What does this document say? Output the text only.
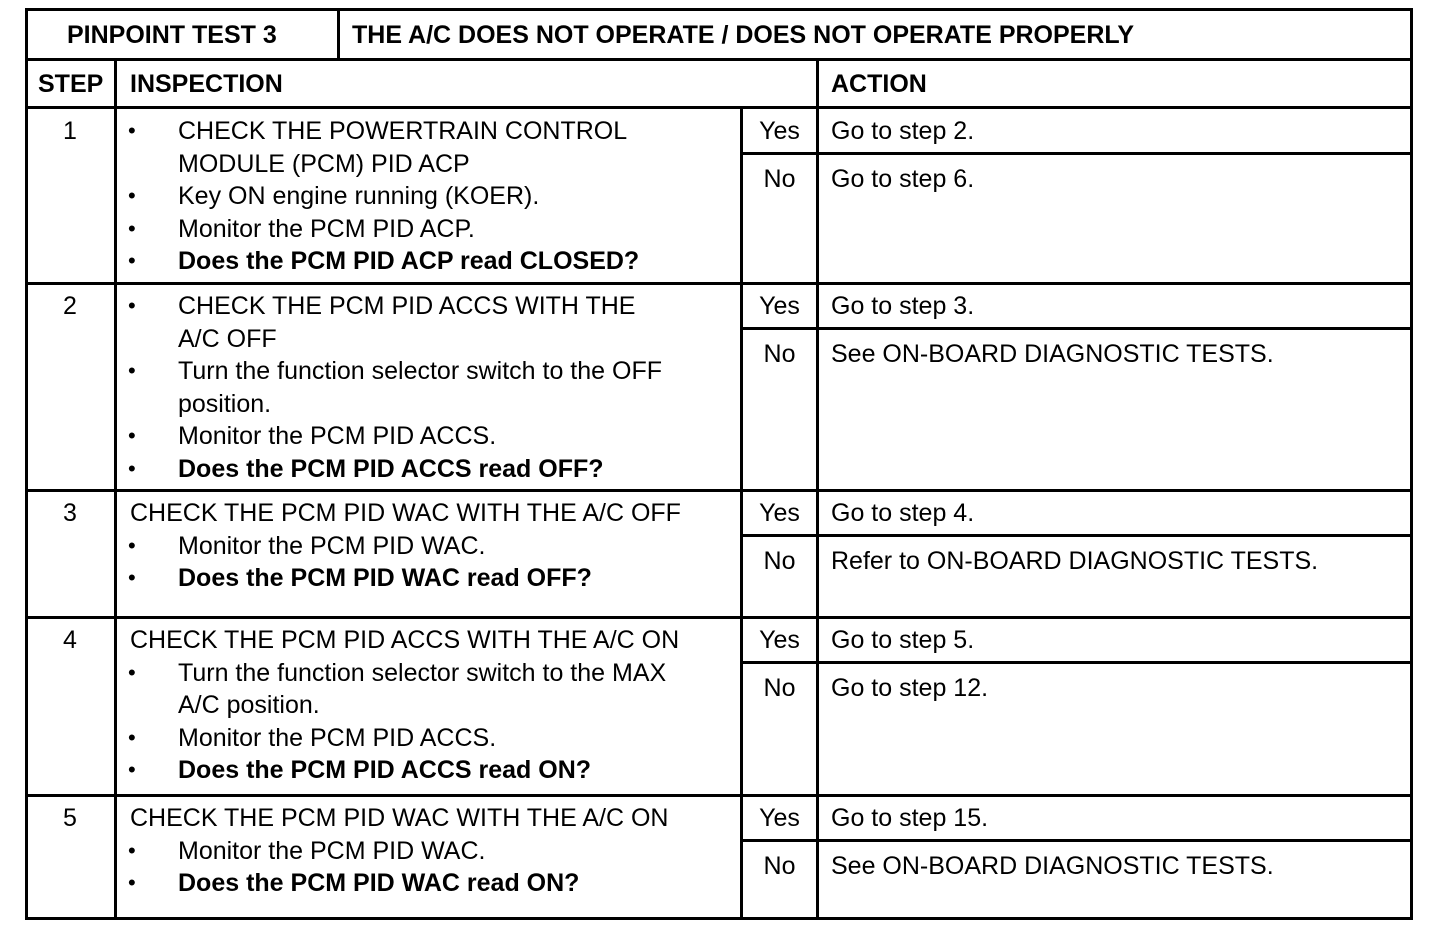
PINPOINT TEST 3	THE A/C DOES NOT OPERATE / DOES NOT OPERATE PROPERLY
STEP INSPECTION	ACTION
1	• CHECK THE POWERTRAIN CONTROL
MODULE (PCM) PID ACP
• Key ON engine running (KOER).
• Monitor the PCM PID ACP.
• Does the PCM PID ACP read CLOSED?
Yes	Go to step 2.
No	Go to step 6.
2	• CHECK THE PCM PID ACCS WITH THE
A/C OFF
• Turn the function selector switch to the OFF
position.
• Monitor the PCM PID ACCS.
• Does the PCM PID ACCS read OFF?
Yes	Go to step 3.
No	See ON-BOARD DIAGNOSTIC TESTS.
3	CHECK THE PCM PID WAC WITH THE A/C OFF
• Monitor the PCM PID WAC.
• Does the PCM PID WAC read OFF?
Yes	Go to step 4.
No	Refer to ON-BOARD DIAGNOSTIC TESTS.
4	CHECK THE PCM PID ACCS WITH THE A/C ON
• Turn the function selector switch to the MAX
A/C position.
• Monitor the PCM PID ACCS.
• Does the PCM PID ACCS read ON?
Yes	Go to step 5.
No	Go to step 12.
5	CHECK THE PCM PID WAC WITH THE A/C ON
• Monitor the PCM PID WAC.
• Does the PCM PID WAC read ON?
Yes	Go to step 15.
No	See ON-BOARD DIAGNOSTIC TESTS.
